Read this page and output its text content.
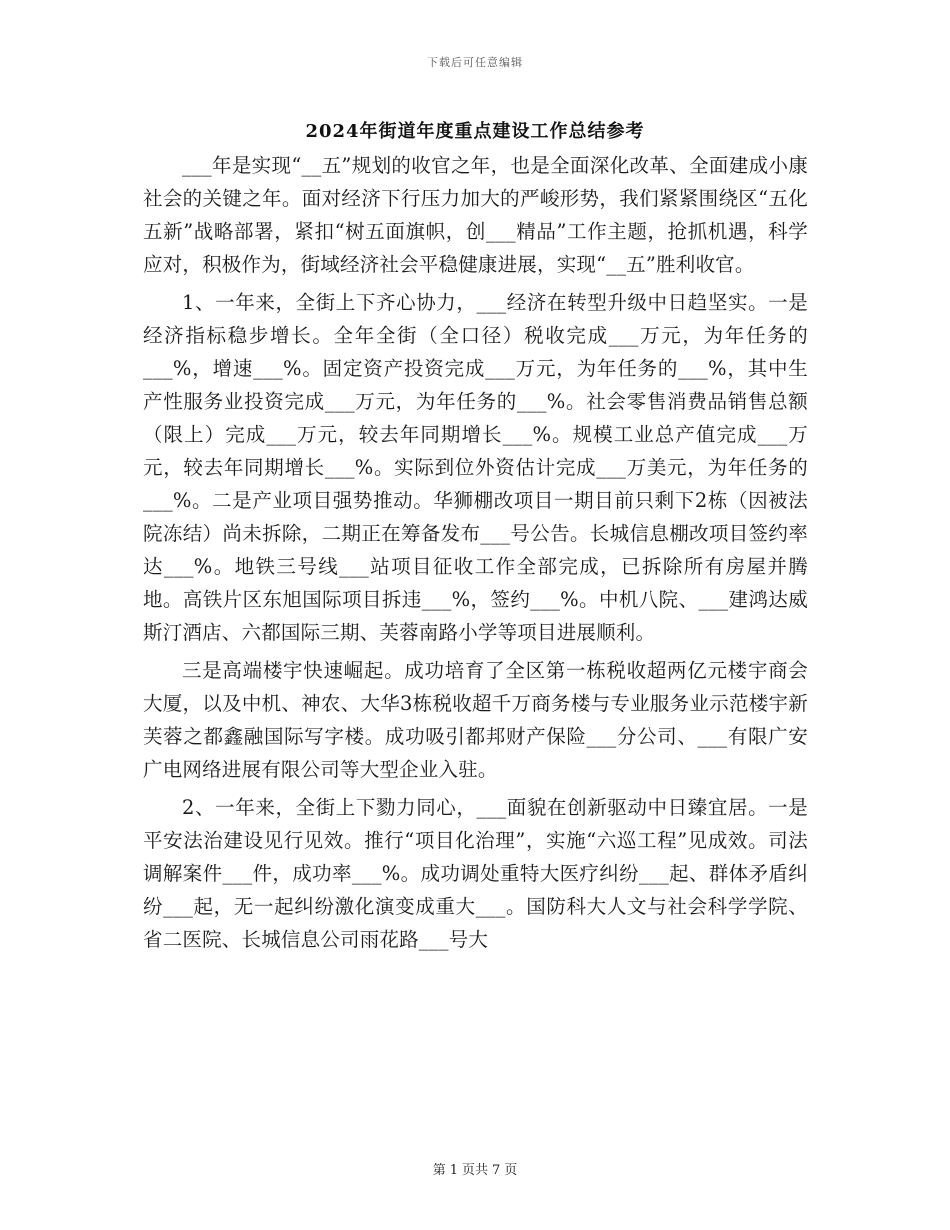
下载后可任意编辑
2024年街道年度重点建设工作总结参考

___年是实现“__五”规划的收官之年，也是全面深化改革、全面建成小康社会的关键之年。面对经济下行压力加大的严峻形势，我们紧紧围绕区“五化五新”战略部署，紧扣“树五面旗帜，创___精品”工作主题，抢抓机遇，科学应对，积极作为，街域经济社会平稳健康进展，实现“__五”胜利收官。

1、一年来，全街上下齐心协力，___经济在转型升级中日趋坚实。一是经济指标稳步增长。全年全街（全口径）税收完成___万元，为年任务的___%，增速___%。固定资产投资完成___万元，为年任务的___%，其中生产性服务业投资完成___万元，为年任务的___%。社会零售消费品销售总额（限上）完成___万元，较去年同期增长___%。规模工业总产值完成___万元，较去年同期增长___%。实际到位外资估计完成___万美元，为年任务的___%。二是产业项目强势推动。华狮棚改项目一期目前只剩下2栋（因被法院冻结）尚未拆除，二期正在筹备发布___号公告。长城信息棚改项目签约率达___%。地铁三号线___站项目征收工作全部完成，已拆除所有房屋并腾地。高铁片区东旭国际项目拆违___%，签约___%。中机八院、___建鸿达威斯汀酒店、六都国际三期、芙蓉南路小学等项目进展顺利。

三是高端楼宇快速崛起。成功培育了全区第一栋税收超两亿元楼宇商会大厦，以及中机、神农、大华3栋税收超千万商务楼与专业服务业示范楼宇新芙蓉之都鑫融国际写字楼。成功吸引都邦财产保险___分公司、___有限广安广电网络进展有限公司等大型企业入驻。

2、一年来，全街上下勠力同心，___面貌在创新驱动中日臻宜居。一是平安法治建设见行见效。推行“项目化治理”，实施“六巡工程”见成效。司法调解案件___件，成功率___%。成功调处重特大医疗纠纷___起、群体矛盾纠纷___起，无一起纠纷激化演变成重大___。国防科大人文与社会科学学院、省二医院、长城信息公司雨花路___号大

第 1 页共 7 页
